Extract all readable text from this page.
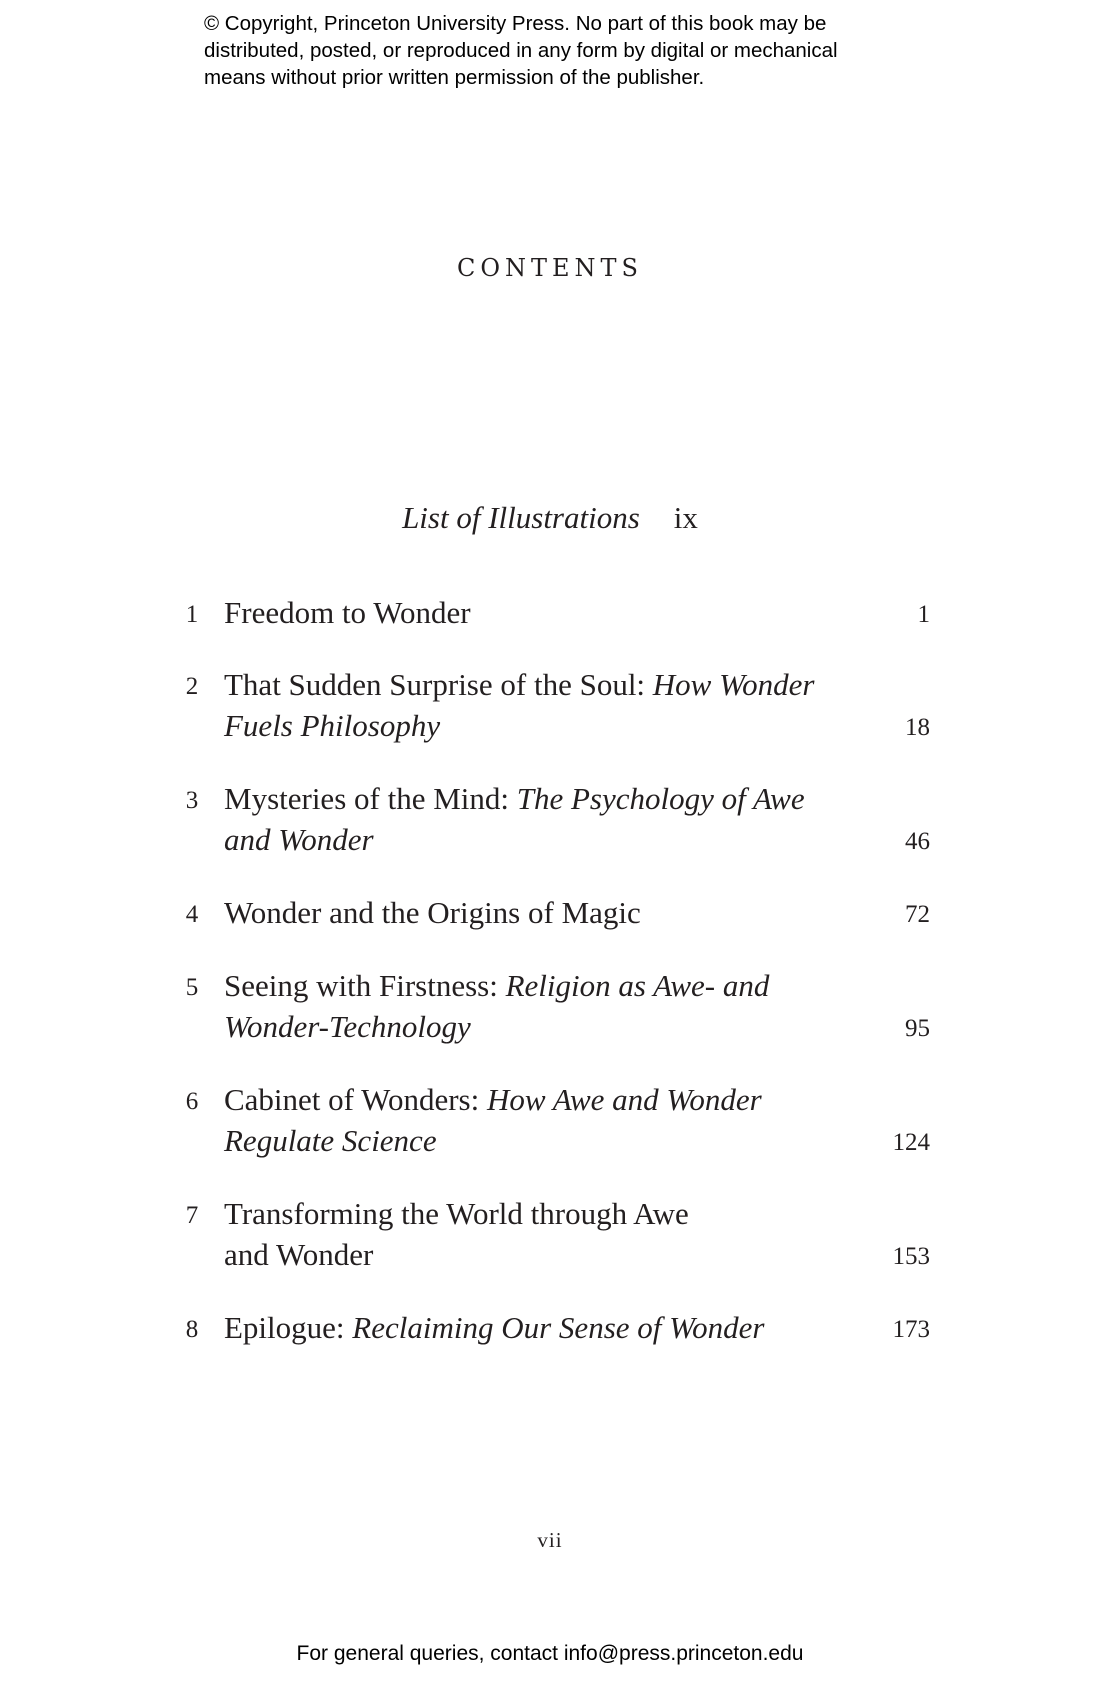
© Copyright, Princeton University Press. No part of this book may be
distributed, posted, or reproduced in any form by digital or mechanical
means without prior written permission of the publisher.
CONTENTS
List of Illustrations ix
1 Freedom to Wonder	1
2 That Sudden Surprise of the Soul: How Wonder
Fuels Philosophy	18
3 Mysteries of the Mind: The Psychology of Awe
and Wonder	46
4 Wonder and the Origins of Magic	72
5 Seeing with Firstness: Religion as Awe- and
Wonder-Technology	95
6 Cabinet of Wonders: How Awe and Wonder
Regulate Science	124
7 Transforming the World through Awe
and Wonder	153
8 Epilogue: Reclaiming Our Sense of Wonder	173
vii
For general queries, contact info@press.princeton.edu
